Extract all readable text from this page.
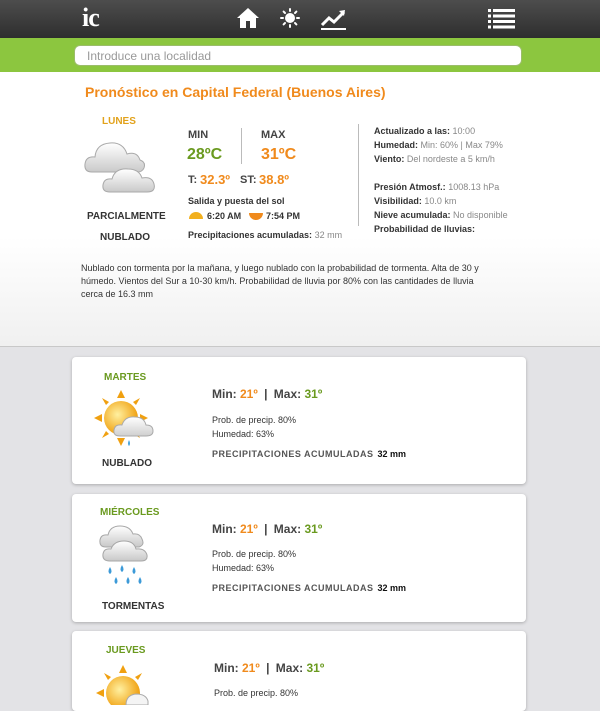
ic
Introduce una localidad
Pronóstico en Capital Federal (Buenos Aires)
LUNES
PARCIALMENTE
NUBLADO
MIN
28ºC
MAX
31ºC
T: 32.3º ST: 38.8º
Salida y puesta del sol
6:20 AM	7:54 PM
Precipitaciones acumuladas: 32 mm
Actualizado a las: 10:00
Humedad: Min: 60% | Max 79%
Viento: Del nordeste a 5 km/h
Presión Atmosf.: 1008.13 hPa
Visibilidad: 10.0 km
Nieve acumulada: No disponible
Probabilidad de lluvias:
Nublado con tormenta por la mañana, y luego nublado con la probabilidad de tormenta. Alta de 30 y
húmedo. Vientos del Sur a 10-30 km/h. Probabilidad de lluvia por 80% con las cantidades de lluvia
cerca de 16.3 mm
MARTES
NUBLADO
Min: 21º | Max: 31º
Prob. de precip. 80%
Humedad: 63%
PRECIPITACIONES ACUMULADAS 32 mm
MIÉRCOLES
TORMENTAS
Min: 21º | Max: 31º
Prob. de precip. 80%
Humedad: 63%
PRECIPITACIONES ACUMULADAS 32 mm
JUEVES
Min: 21º | Max: 31º
Prob. de precip. 80%
